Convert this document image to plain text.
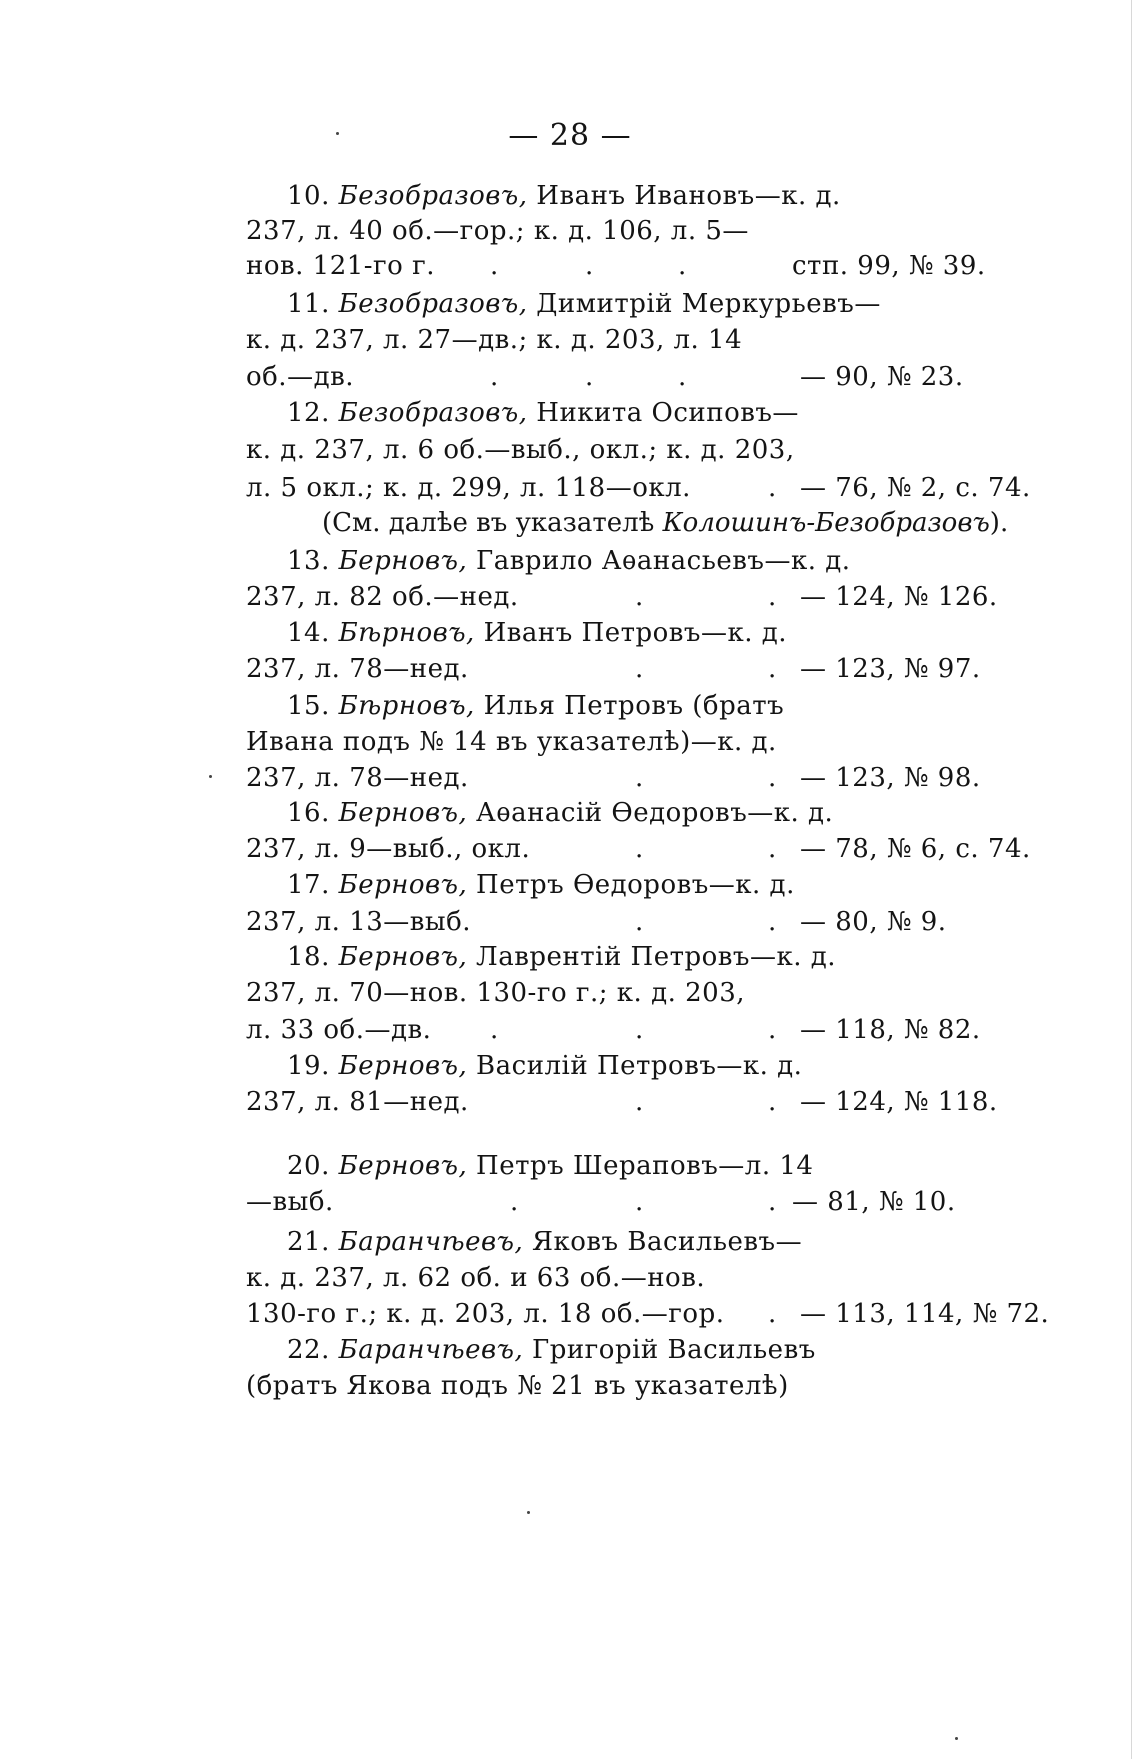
— 28 —
10. Безобразовъ, Иванъ Ивановъ—к. д.
237, л. 40 об.—гор.; к. д. 106, л. 5—
нов. 121-го г. .	.	.	стп. 99, № 39.
11. Безобразовъ, Димитрій Меркурьевъ—
к. д. 237, л. 27—дв.; к. д. 203, л. 14
об.—дв.	.	.	.	— 90, № 23.
12. Безобразовъ, Никита Осиповъ—
к. д. 237, л. 6 об.—выб., окл.; к. д. 203,
л. 5 окл.; к. д. 299, л. 118—окл.	. — 76, № 2, с. 74.
(См. далѣе въ указателѣ Колошинъ-Безобразовъ).
13. Берновъ, Гаврило Аѳанасьевъ—к. д.
237, л. 82 об.—нед.	.	. — 124, № 126.
14. Бѣрновъ, Иванъ Петровъ—к. д.
237, л. 78—нед.	.	. — 123, № 97.
15. Бѣрновъ, Илья Петровъ (братъ
Ивана подъ № 14 въ указателѣ)—к. д.
237, л. 78—нед.	.	. — 123, № 98.
16. Берновъ, Аѳанасій Ѳедоровъ—к. д.
237, л. 9—выб., окл.	.	. — 78, № 6, с. 74.
17. Берновъ, Петръ Ѳедоровъ—к. д.
237, л. 13—выб.	.	. — 80, № 9.
18. Берновъ, Лаврентій Петровъ—к. д.
237, л. 70—нов. 130-го г.; к. д. 203,
л. 33 об.—дв. .	.	. — 118, № 82.
19. Берновъ, Василій Петровъ—к. д.
237, л. 81—нед.	.	. — 124, № 118.
20. Берновъ, Петръ Шераповъ—л. 14
—выб.	.	.	. — 81, № 10.
21. Баранчѣевъ, Яковъ Васильевъ—
к. д. 237, л. 62 об. и 63 об.—нов.
130-го г.; к. д. 203, л. 18 об.—гор. . — 113, 114, № 72.
22. Баранчѣевъ, Григорій Васильевъ
(братъ Якова подъ № 21 въ указателѣ)
